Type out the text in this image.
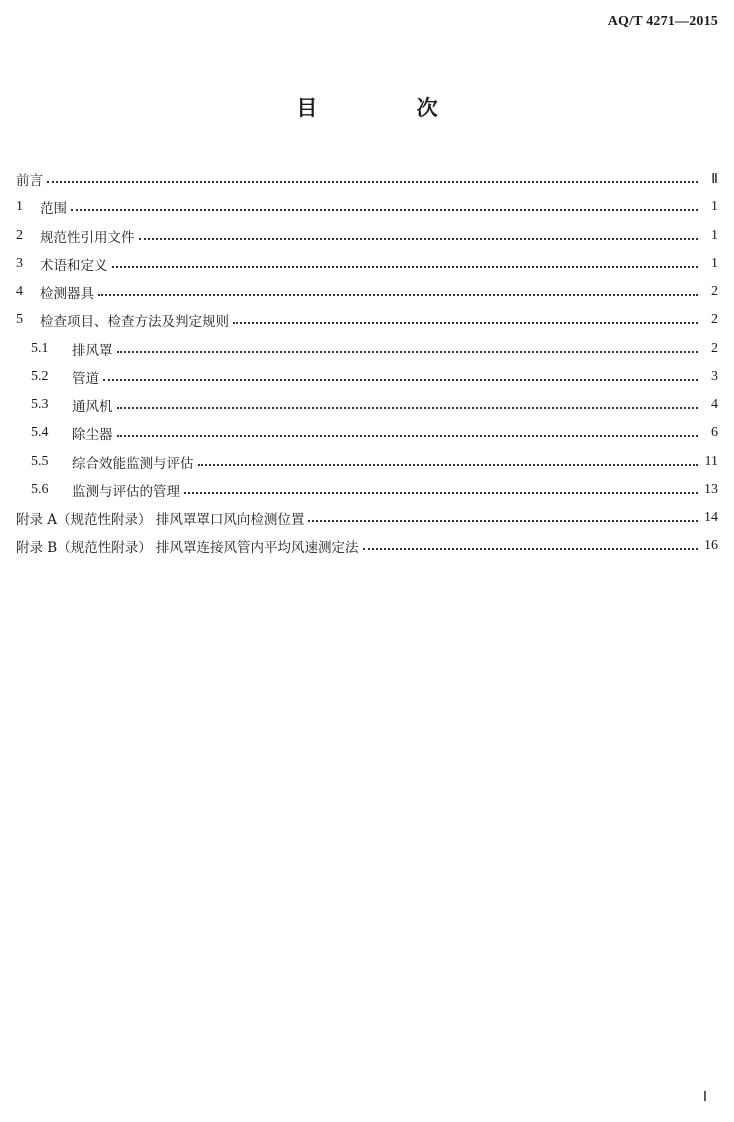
AQ/T 4271—2015
目 次
前言	Ⅱ
1	范围	1
2	规范性引用文件	1
3	术语和定义	1
4	检测器具	2
5	检查项目、检查方法及判定规则	2
5.1	排风罩	2
5.2	管道	3
5.3	通风机	4
5.4	除尘器	6
5.5	综合效能监测与评估	11
5.6	监测与评估的管理	13
附录 A（规范性附录） 排风罩罩口风向检测位置	14
附录 B（规范性附录） 排风罩连接风管内平均风速测定法	16
Ⅰ
